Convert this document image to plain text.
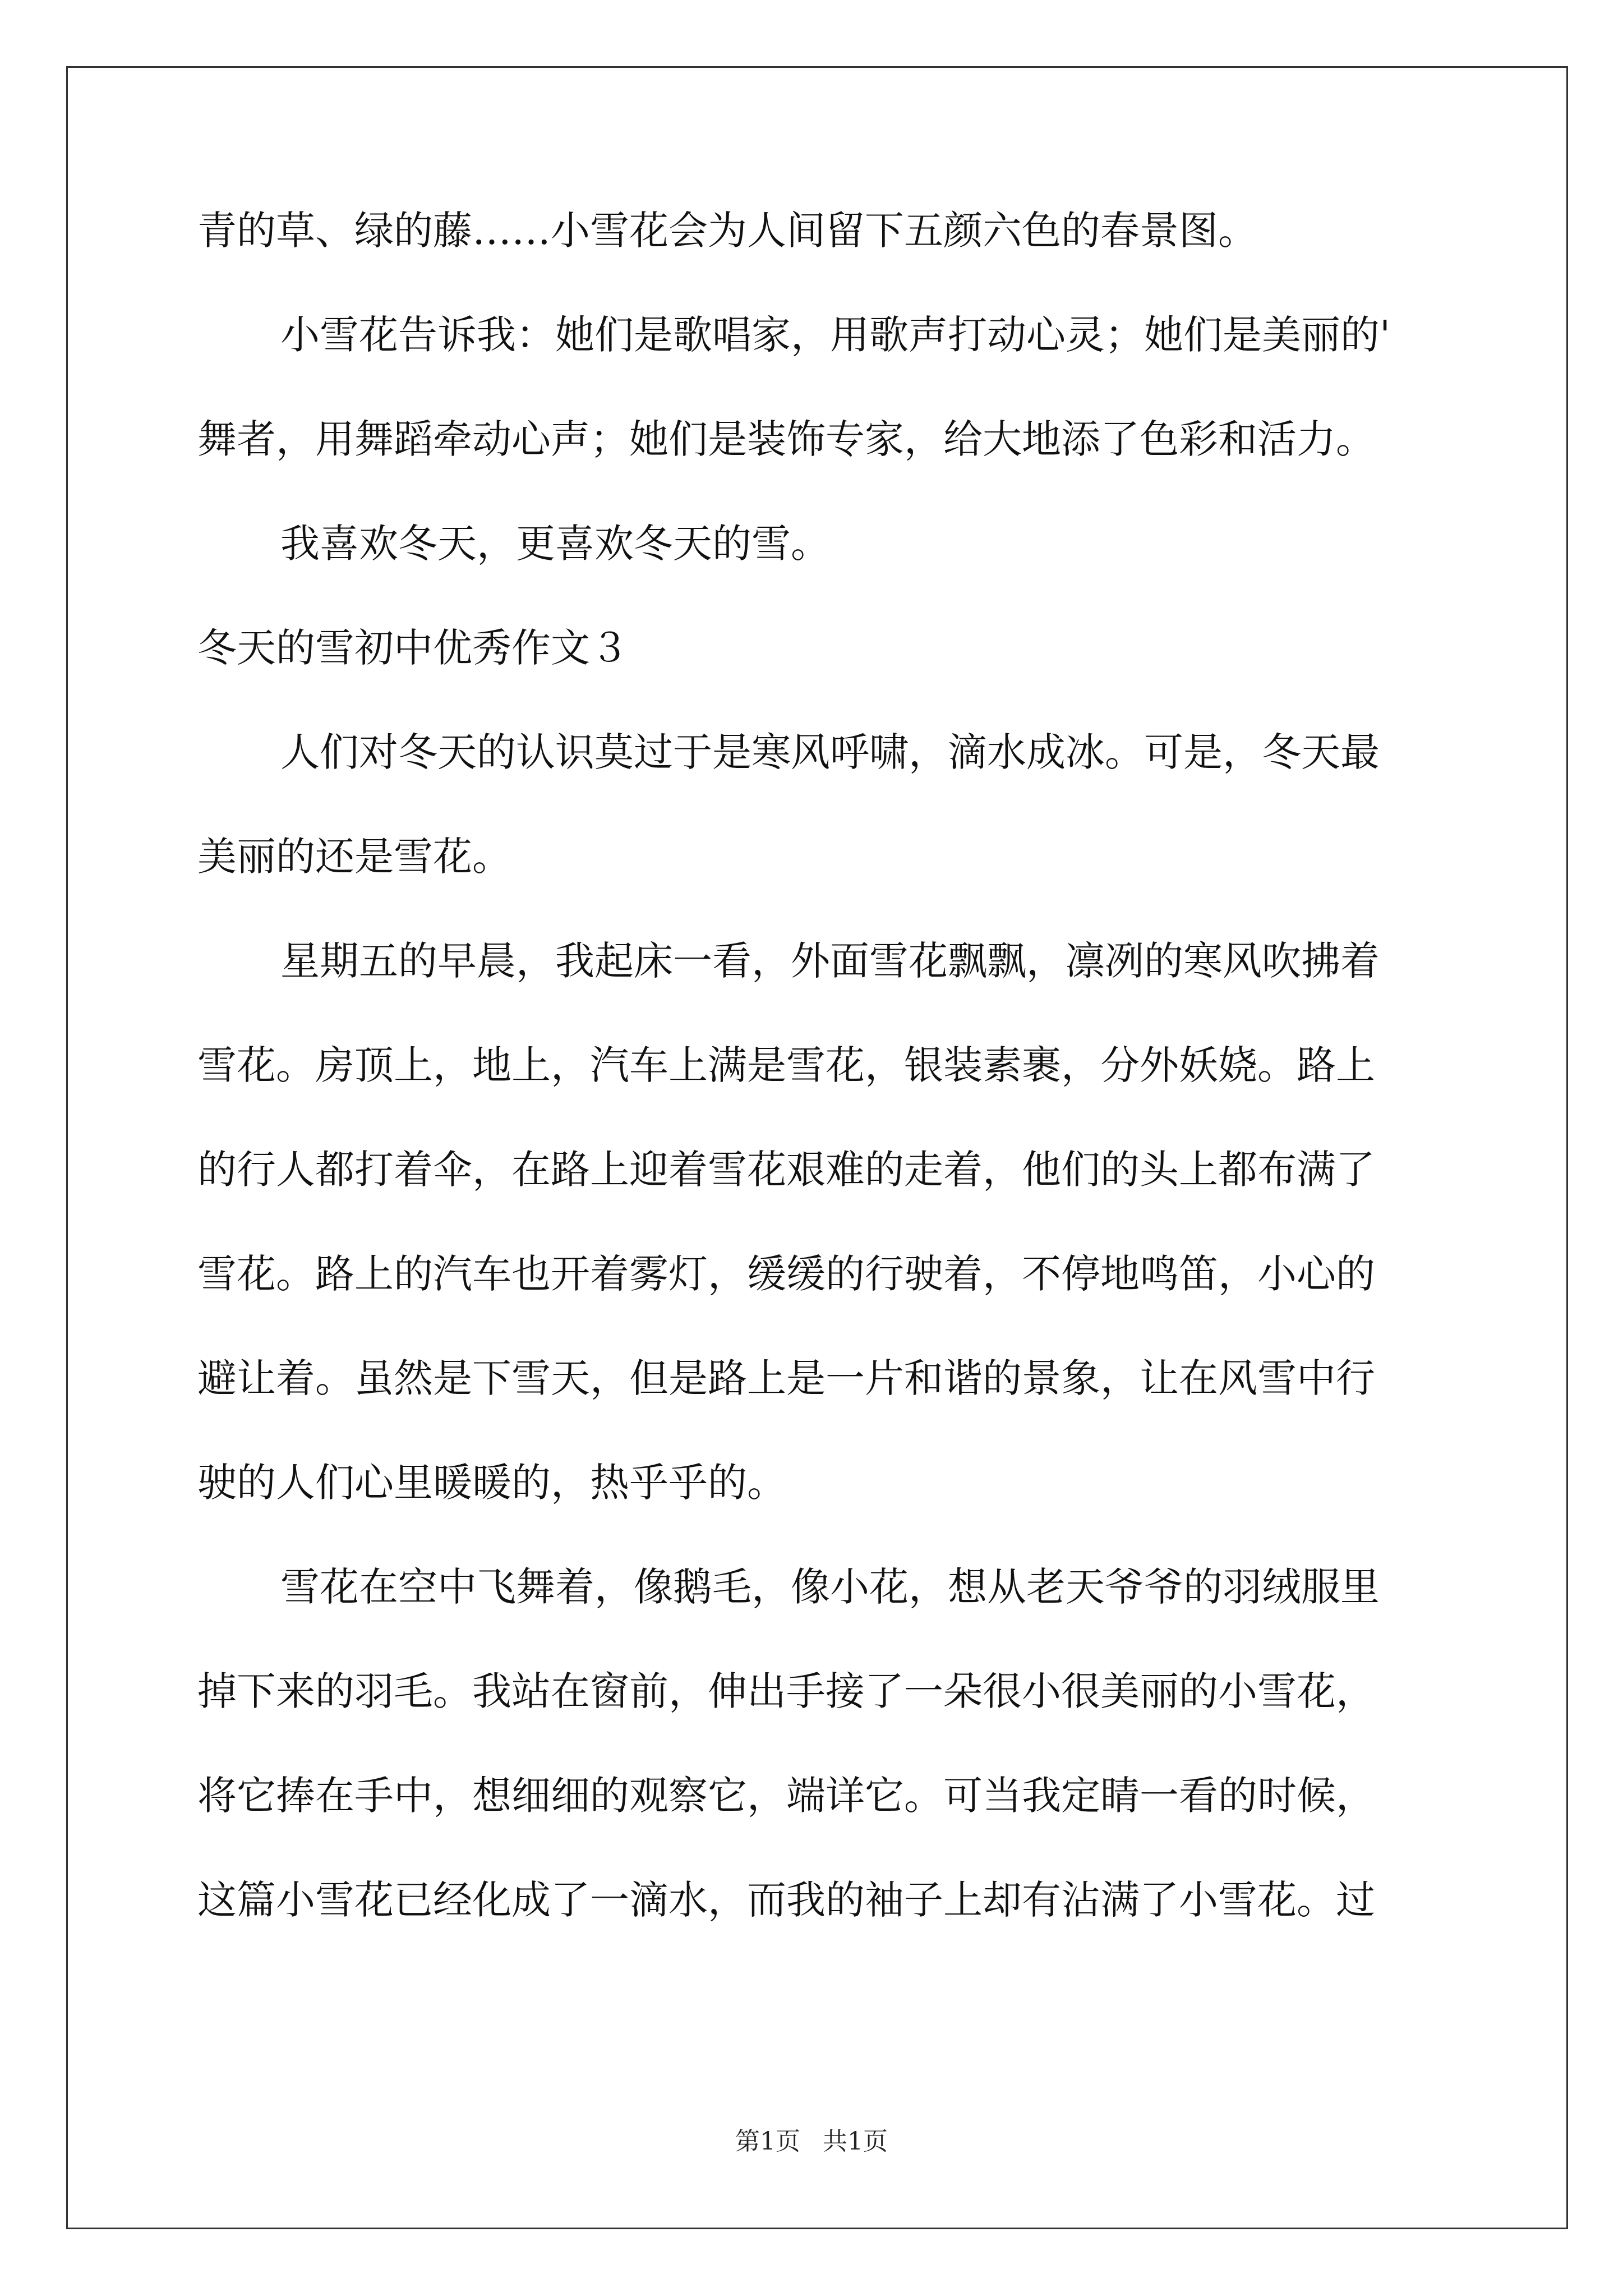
青的草、绿的藤……小雪花会为人间留下五颜六色的春景图。
小雪花告诉我：她们是歌唱家，用歌声打动心灵；她们是美丽的'
舞者，用舞蹈牵动心声；她们是装饰专家，给大地添了色彩和活力。
我喜欢冬天，更喜欢冬天的雪。
冬天的雪初中优秀作文３
人们对冬天的认识莫过于是寒风呼啸，滴水成冰。可是，冬天最
美丽的还是雪花。
星期五的早晨，我起床一看，外面雪花飘飘，凛冽的寒风吹拂着
雪花。房顶上，地上，汽车上满是雪花，银装素裹，分外妖娆。路上
的行人都打着伞，在路上迎着雪花艰难的走着，他们的头上都布满了
雪花。路上的汽车也开着雾灯，缓缓的行驶着，不停地鸣笛，小心的
避让着。虽然是下雪天，但是路上是一片和谐的景象，让在风雪中行
驶的人们心里暖暖的，热乎乎的。
雪花在空中飞舞着，像鹅毛，像小花，想从老天爷爷的羽绒服里
掉下来的羽毛。我站在窗前，伸出手接了一朵很小很美丽的小雪花，
将它捧在手中，想细细的观察它，端详它。可当我定睛一看的时候，
这篇小雪花已经化成了一滴水，而我的袖子上却有沾满了小雪花。过
第1页 共1页
